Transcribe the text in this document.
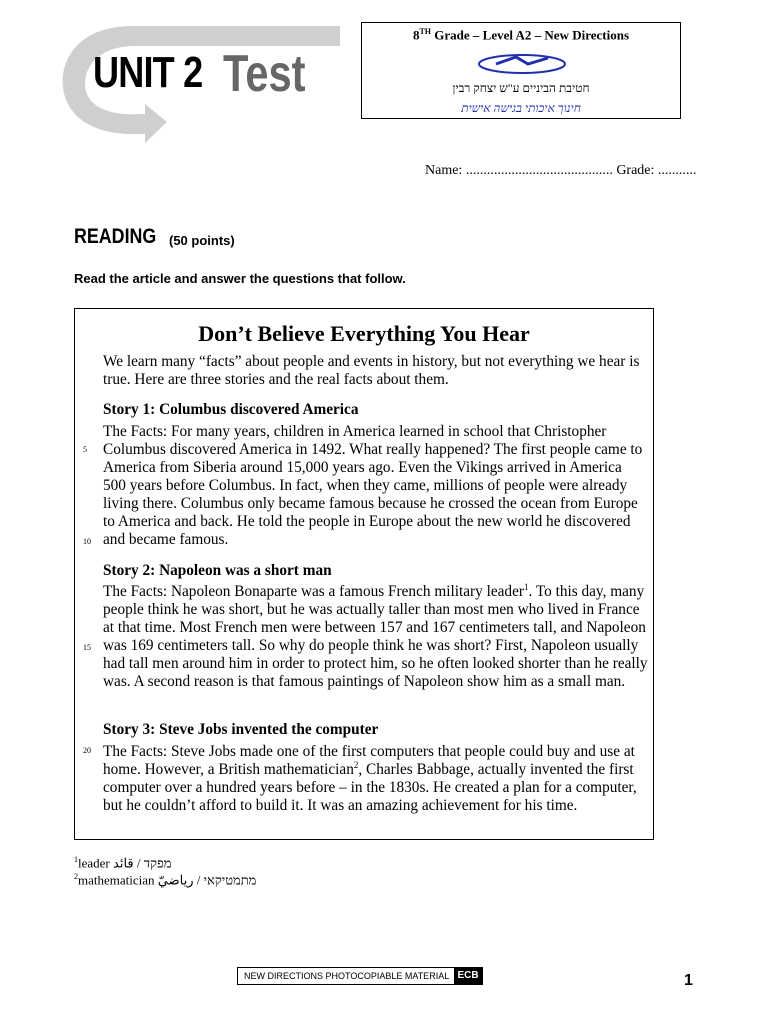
UNIT 2 Test
8TH Grade – Level A2 – New Directions
חטיבת הביניים ע"ש יצחק רבין
חינוך איכותי בגישה אישית
Name: .......................................... Grade: ...........
READING (50 points)
Read the article and answer the questions that follow.
Don’t Believe Everything You Hear
We learn many “facts” about people and events in history, but not everything we hear is true. Here are three stories and the real facts about them.
Story 1: Columbus discovered America
The Facts: For many years, children in America learned in school that Christopher Columbus discovered America in 1492. What really happened? The first people came to America from Siberia around 15,000 years ago. Even the Vikings arrived in America 500 years before Columbus. In fact, when they came, millions of people were already living there. Columbus only became famous because he crossed the ocean from Europe to America and back. He told the people in Europe about the new world he discovered and became famous.
Story 2: Napoleon was a short man
The Facts: Napoleon Bonaparte was a famous French military leader$^1$. To this day, many people think he was short, but he was actually taller than most men who lived in France at that time. Most French men were between 157 and 167 centimeters tall, and Napoleon was 169 centimeters tall. So why do people think he was short? First, Napoleon usually had tall men around him in order to protect him, so he often looked shorter than he really was. A second reason is that famous paintings of Napoleon show him as a small man.
Story 3: Steve Jobs invented the computer
The Facts: Steve Jobs made one of the first computers that people could buy and use at home. However, a British mathematician$^2$, Charles Babbage, actually invented the first computer over a hundred years before – in the 1830s. He created a plan for a computer, but he couldn’t afford to build it. It was an amazing achievement for his time.
5
10
15
20
$^1$leader מפקד / قائد
$^2$mathematician מתמטיקאי / رياضيّ
NEW DIRECTIONS PHOTOCOPIABLE MATERIAL ECB	1
